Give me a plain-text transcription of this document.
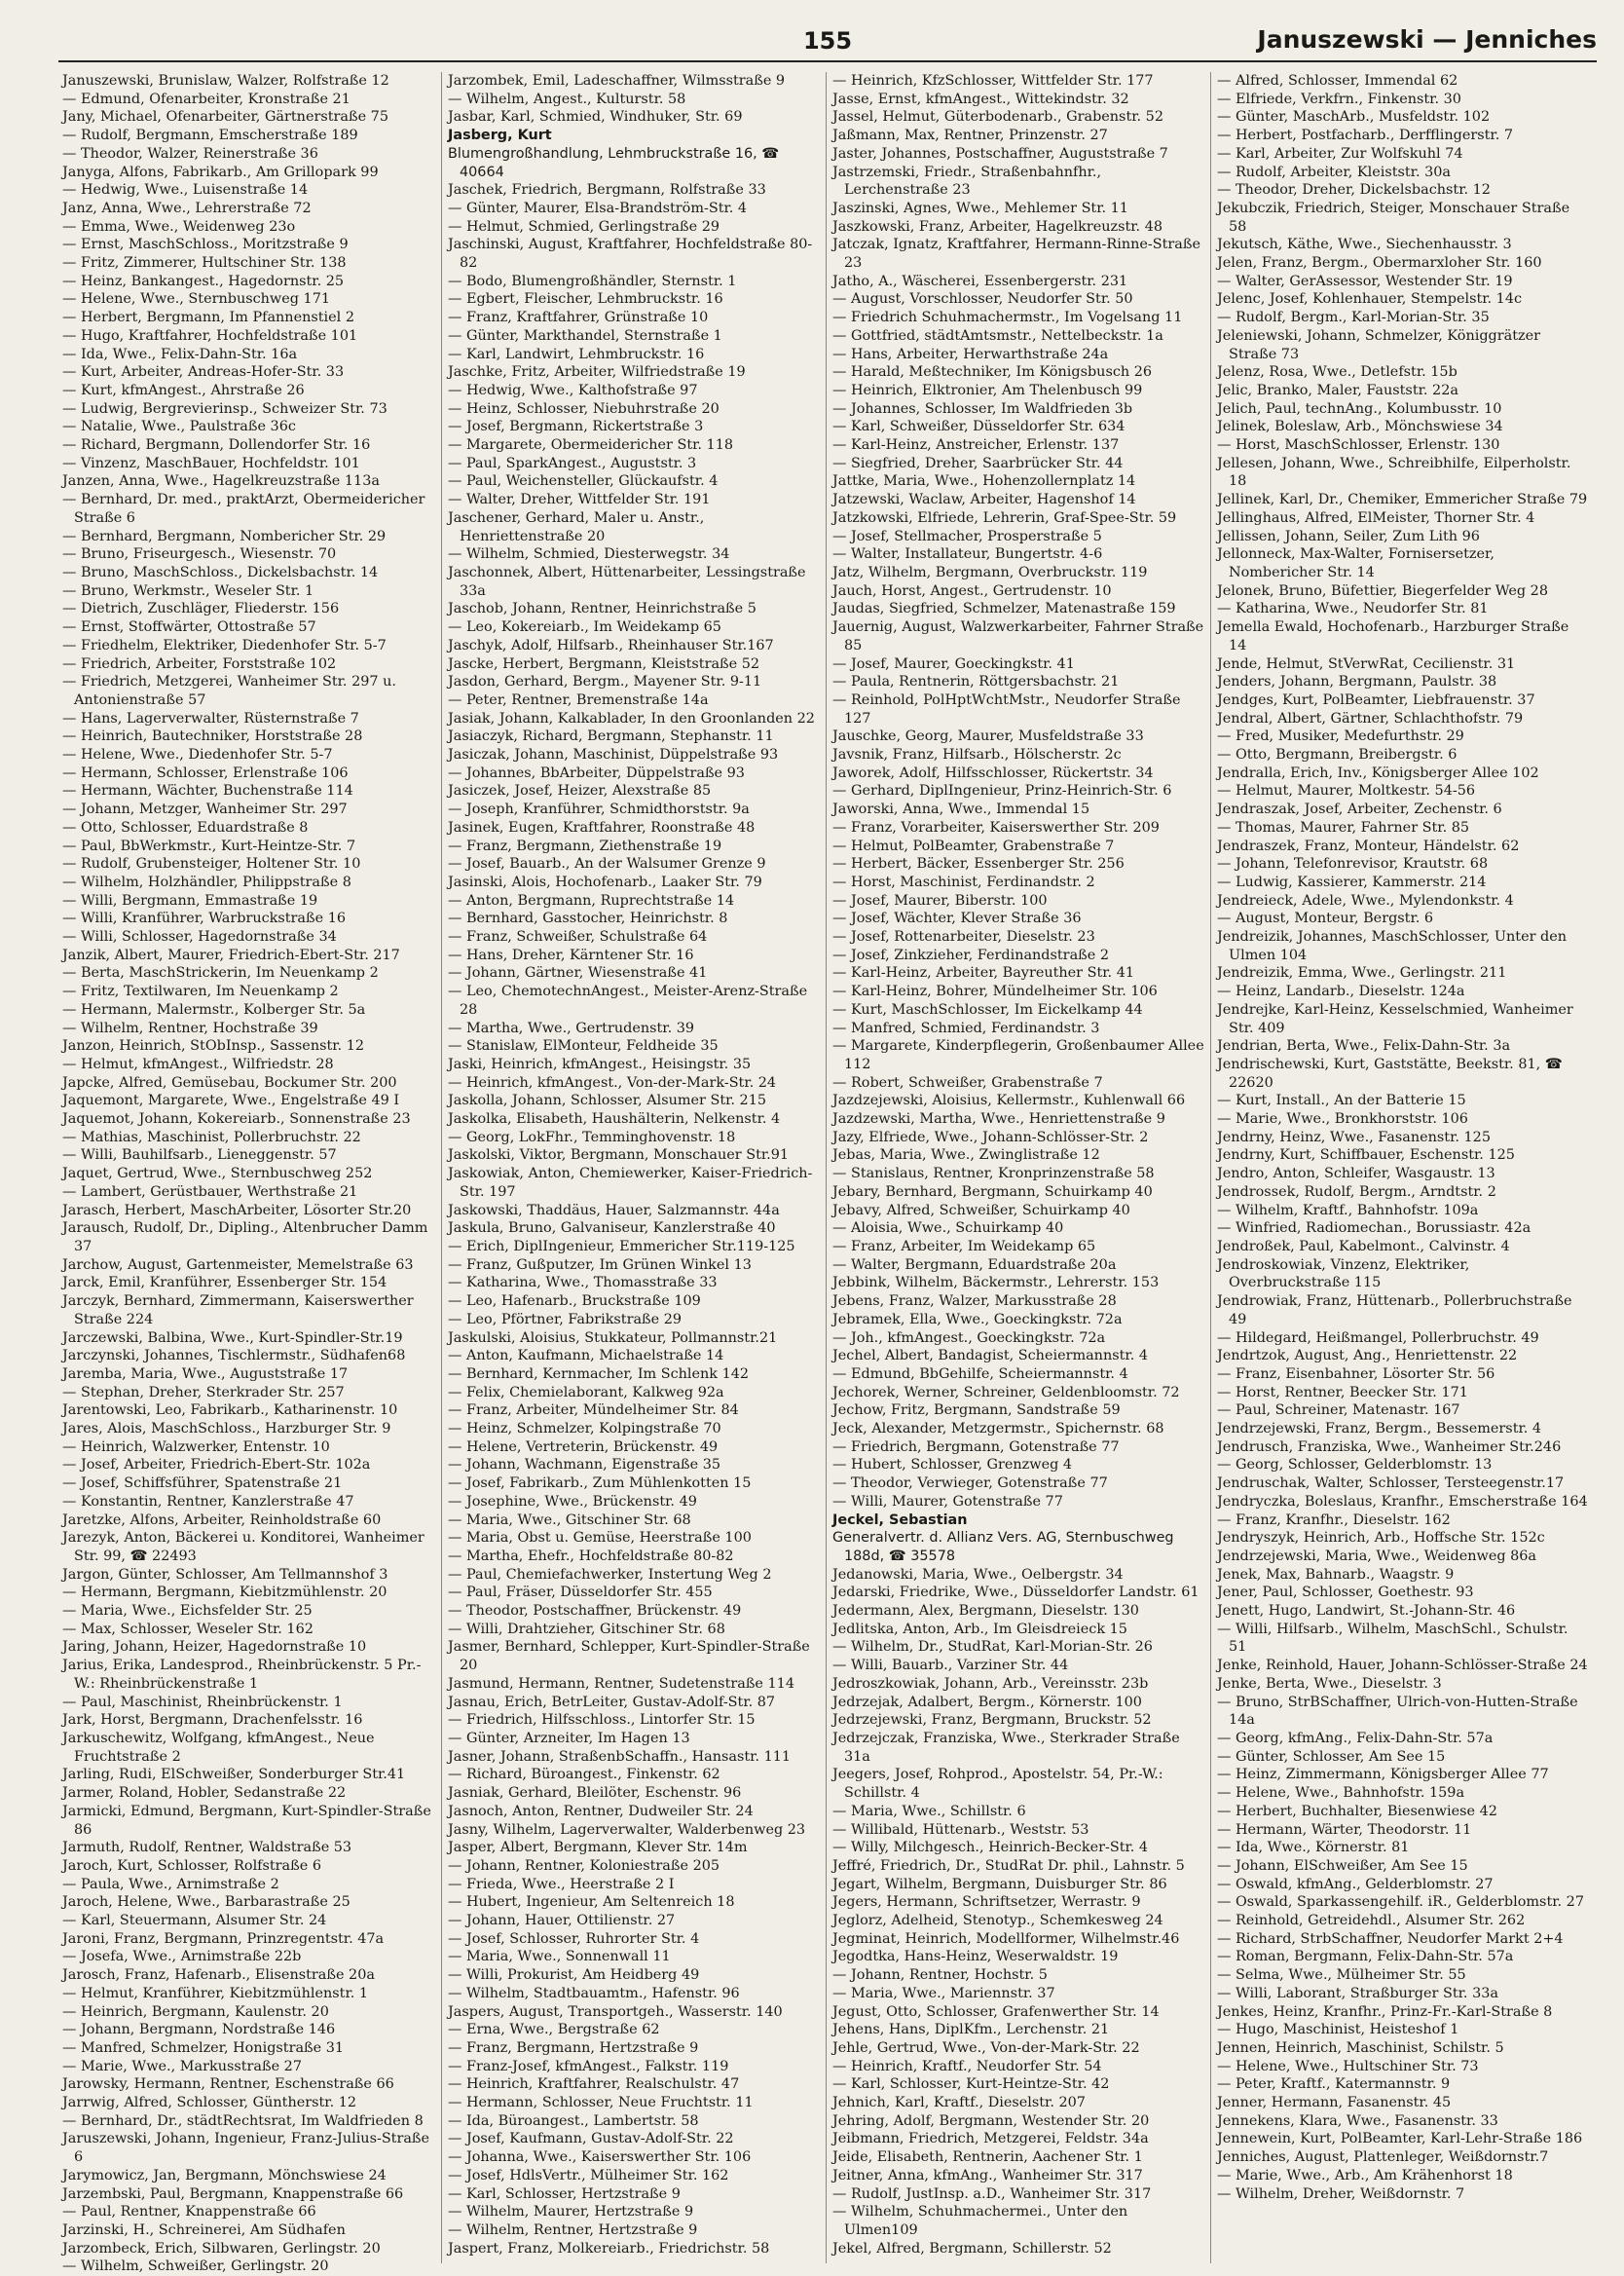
155	Januszewski — Jenniches
Januszewski, Brunislaw, Walzer, Rolfstraße 12
— Edmund, Ofenarbeiter, Kronstraße 21
Jany, Michael, Ofenarbeiter, Gärtnerstraße 75
— Rudolf, Bergmann, Emscherstraße 189
— Theodor, Walzer, Reinerstraße 36
Janyga, Alfons, Fabrikarb., Am Grillopark 99
— Hedwig, Wwe., Luisenstraße 14
Janz, Anna, Wwe., Lehrerstraße 72
— Emma, Wwe., Weidenweg 23o
— Ernst, MaschSchloss., Moritzstraße 9
— Fritz, Zimmerer, Hultschiner Str. 138
— Heinz, Bankangest., Hagedornstr. 25
— Helene, Wwe., Sternbuschweg 171
— Herbert, Bergmann, Im Pfannenstiel 2
— Hugo, Kraftfahrer, Hochfeldstraße 101
— Ida, Wwe., Felix-Dahn-Str. 16a
— Kurt, Arbeiter, Andreas-Hofer-Str. 33
— Kurt, kfmAngest., Ahrstraße 26
— Ludwig, Bergrevierinsp., Schweizer Str. 73
— Natalie, Wwe., Paulstraße 36c
— Richard, Bergmann, Dollendorfer Str. 16
— Vinzenz, MaschBauer, Hochfeldstr. 101
Janzen, Anna, Wwe., Hagelkreuzstraße 113a
— Bernhard, Dr. med., praktArzt, Obermeidericher Straße 6
— Bernhard, Bergmann, Nombericher Str. 29
— Bruno, Friseurgesch., Wiesenstr. 70
— Bruno, MaschSchloss., Dickelsbachstr. 14
— Bruno, Werkmstr., Weseler Str. 1
— Dietrich, Zuschläger, Fliederstr. 156
— Ernst, Stoffwärter, Ottostraße 57
— Friedhelm, Elektriker, Diedenhofer Str. 5-7
— Friedrich, Arbeiter, Forststraße 102
— Friedrich, Metzgerei, Wanheimer Str. 297 u. Antonienstraße 57
— Hans, Lagerverwalter, Rüsternstraße 7
— Heinrich, Bautechniker, Horststraße 28
— Helene, Wwe., Diedenhofer Str. 5-7
— Hermann, Schlosser, Erlenstraße 106
— Hermann, Wächter, Buchenstraße 114
— Johann, Metzger, Wanheimer Str. 297
— Otto, Schlosser, Eduardstraße 8
— Paul, BbWerkmstr., Kurt-Heintze-Str. 7
— Rudolf, Grubensteiger, Holtener Str. 10
— Wilhelm, Holzhändler, Philippstraße 8
— Willi, Bergmann, Emmastraße 19
— Willi, Kranführer, Warbruckstraße 16
— Willi, Schlosser, Hagedornstraße 34
Janzik, Albert, Maurer, Friedrich-Ebert-Str. 217
— Berta, MaschStrickerin, Im Neuenkamp 2
— Fritz, Textilwaren, Im Neuenkamp 2
— Hermann, Malermstr., Kolberger Str. 5a
— Wilhelm, Rentner, Hochstraße 39
Janzon, Heinrich, StObInsp., Sassenstr. 12
— Helmut, kfmAngest., Wilfriedstr. 28
Japcke, Alfred, Gemüsebau, Bockumer Str. 200
Jaquemont, Margarete, Wwe., Engelstraße 49 I
Jaquemot, Johann, Kokereiarb., Sonnenstraße 23
— Mathias, Maschinist, Pollerbruchstr. 22
— Willi, Bauhilfsarb., Lieneggenstr. 57
Jaquet, Gertrud, Wwe., Sternbuschweg 252
— Lambert, Gerüstbauer, Werthstraße 21
Jarasch, Herbert, MaschArbeiter, Lösorter Str.20
Jarausch, Rudolf, Dr., Dipling., Altenbrucher Damm 37
Jarchow, August, Gartenmeister, Memelstraße 63
Jarck, Emil, Kranführer, Essenberger Str. 154
Jarczyk, Bernhard, Zimmermann, Kaiserswerther Straße 224
Jarczewski, Balbina, Wwe., Kurt-Spindler-Str.19
Jarczynski, Johannes, Tischlermstr., Südhafen68
Jaremba, Maria, Wwe., Auguststraße 17
— Stephan, Dreher, Sterkrader Str. 257
Jarentowski, Leo, Fabrikarb., Katharinenstr. 10
Jares, Alois, MaschSchloss., Harzburger Str. 9
— Heinrich, Walzwerker, Entenstr. 10
— Josef, Arbeiter, Friedrich-Ebert-Str. 102a
— Josef, Schiffsführer, Spatenstraße 21
— Konstantin, Rentner, Kanzlerstraße 47
Jaretzke, Alfons, Arbeiter, Reinholdstraße 60
Jarezyk, Anton, Bäckerei u. Konditorei, Wanheimer Str. 99, ☎ 22493
Jargon, Günter, Schlosser, Am Tellmannshof 3
— Hermann, Bergmann, Kiebitzmühlenstr. 20
— Maria, Wwe., Eichsfelder Str. 25
— Max, Schlosser, Weseler Str. 162
Jaring, Johann, Heizer, Hagedornstraße 10
Jarius, Erika, Landesprod., Rheinbrückenstr. 5 Pr.-W.: Rheinbrückenstraße 1
— Paul, Maschinist, Rheinbrückenstr. 1
Jark, Horst, Bergmann, Drachenfelsstr. 16
Jarkuschewitz, Wolfgang, kfmAngest., Neue Fruchtstraße 2
Jarling, Rudi, ElSchweißer, Sonderburger Str.41
Jarmer, Roland, Hobler, Sedanstraße 22
Jarmicki, Edmund, Bergmann, Kurt-Spindler-Straße 86
Jarmuth, Rudolf, Rentner, Waldstraße 53
Jaroch, Kurt, Schlosser, Rolfstraße 6
— Paula, Wwe., Arnimstraße 2
Jaroch, Helene, Wwe., Barbarastraße 25
— Karl, Steuermann, Alsumer Str. 24
Jaroni, Franz, Bergmann, Prinzregentstr. 47a
— Josefa, Wwe., Arnimstraße 22b
Jarosch, Franz, Hafenarb., Elisenstraße 20a
— Helmut, Kranführer, Kiebitzmühlenstr. 1
— Heinrich, Bergmann, Kaulenstr. 20
— Johann, Bergmann, Nordstraße 146
— Manfred, Schmelzer, Honigstraße 31
— Marie, Wwe., Markusstraße 27
Jarowsky, Hermann, Rentner, Eschenstraße 66
Jarrwig, Alfred, Schlosser, Güntherstr. 12
— Bernhard, Dr., städtRechtsrat, Im Waldfrieden 8
Jaruszewski, Johann, Ingenieur, Franz-Julius-Straße 6
Jarymowicz, Jan, Bergmann, Mönchswiese 24
Jarzembski, Paul, Bergmann, Knappenstraße 66
— Paul, Rentner, Knappenstraße 66
Jarzinski, H., Schreinerei, Am Südhafen
Jarzombeck, Erich, Silbwaren, Gerlingstr. 20
— Wilhelm, Schweißer, Gerlingstr. 20
Jarzombek, Emil, Ladeschaffner, Wilmsstraße 9
— Wilhelm, Angest., Kulturstr. 58
Jasbar, Karl, Schmied, Windhuker, Str. 69
Jasberg, Kurt
Blumengroßhandlung, Lehmbruckstraße 16, ☎ 40664
Jaschek, Friedrich, Bergmann, Rolfstraße 33
— Günter, Maurer, Elsa-Brandström-Str. 4
— Helmut, Schmied, Gerlingstraße 29
Jaschinski, August, Kraftfahrer, Hochfeldstraße 80-82
— Bodo, Blumengroßhändler, Sternstr. 1
— Egbert, Fleischer, Lehmbruckstr. 16
— Franz, Kraftfahrer, Grünstraße 10
— Günter, Markthandel, Sternstraße 1
— Karl, Landwirt, Lehmbruckstr. 16
Jaschke, Fritz, Arbeiter, Wilfriedstraße 19
— Hedwig, Wwe., Kalthofstraße 97
— Heinz, Schlosser, Niebuhrstraße 20
— Josef, Bergmann, Rickertstraße 3
— Margarete, Obermeidericher Str. 118
— Paul, SparkAngest., Auguststr. 3
— Paul, Weichensteller, Glückaufstr. 4
— Walter, Dreher, Wittfelder Str. 191
Jaschener, Gerhard, Maler u. Anstr., Henriettenstraße 20
— Wilhelm, Schmied, Diesterwegstr. 34
Jaschonnek, Albert, Hüttenarbeiter, Lessingstraße 33a
Jaschob, Johann, Rentner, Heinrichstraße 5
— Leo, Kokereiarb., Im Weidekamp 65
Jaschyk, Adolf, Hilfsarb., Rheinhauser Str.167
Jascke, Herbert, Bergmann, Kleiststraße 52
Jasdon, Gerhard, Bergm., Mayener Str. 9-11
— Peter, Rentner, Bremenstraße 14a
Jasiak, Johann, Kalkablader, In den Groonlanden 22
Jasiaczyk, Richard, Bergmann, Stephanstr. 11
Jasiczak, Johann, Maschinist, Düppelstraße 93
— Johannes, BbArbeiter, Düppelstraße 93
Jasiczek, Josef, Heizer, Alexstraße 85
— Joseph, Kranführer, Schmidthorststr. 9a
Jasinek, Eugen, Kraftfahrer, Roonstraße 48
— Franz, Bergmann, Ziethenstraße 19
— Josef, Bauarb., An der Walsumer Grenze 9
Jasinski, Alois, Hochofenarb., Laaker Str. 79
— Anton, Bergmann, Ruprechtstraße 14
— Bernhard, Gasstocher, Heinrichstr. 8
— Franz, Schweißer, Schulstraße 64
— Hans, Dreher, Kärntener Str. 16
— Johann, Gärtner, Wiesenstraße 41
— Leo, ChemotechnAngest., Meister-Arenz-Straße 28
— Martha, Wwe., Gertrudenstr. 39
— Stanislaw, ElMonteur, Feldheide 35
Jaski, Heinrich, kfmAngest., Heisingstr. 35
— Heinrich, kfmAngest., Von-der-Mark-Str. 24
Jaskolla, Johann, Schlosser, Alsumer Str. 215
Jaskolka, Elisabeth, Haushälterin, Nelkenstr. 4
— Georg, LokFhr., Temminghovenstr. 18
Jaskolski, Viktor, Bergmann, Monschauer Str.91
Jaskowiak, Anton, Chemiewerker, Kaiser-Friedrich-Str. 197
Jaskowski, Thaddäus, Hauer, Salzmannstr. 44a
Jaskula, Bruno, Galvaniseur, Kanzlerstraße 40
— Erich, DiplIngenieur, Emmericher Str.119-125
— Franz, Gußputzer, Im Grünen Winkel 13
— Katharina, Wwe., Thomasstraße 33
— Leo, Hafenarb., Bruckstraße 109
— Leo, Pförtner, Fabrikstraße 29
Jaskulski, Aloisius, Stukkateur, Pollmannstr.21
— Anton, Kaufmann, Michaelstraße 14
— Bernhard, Kernmacher, Im Schlenk 142
— Felix, Chemielaborant, Kalkweg 92a
— Franz, Arbeiter, Mündelheimer Str. 84
— Heinz, Schmelzer, Kolpingstraße 70
— Helene, Vertreterin, Brückenstr. 49
— Johann, Wachmann, Eigenstraße 35
— Josef, Fabrikarb., Zum Mühlenkotten 15
— Josephine, Wwe., Brückenstr. 49
— Maria, Wwe., Gitschiner Str. 68
— Maria, Obst u. Gemüse, Heerstraße 100
— Martha, Ehefr., Hochfeldstraße 80-82
— Paul, Chemiefachwerker, Instertung Weg 2
— Paul, Fräser, Düsseldorfer Str. 455
— Theodor, Postschaffner, Brückenstr. 49
— Willi, Drahtzieher, Gitschiner Str. 68
Jasmer, Bernhard, Schlepper, Kurt-Spindler-Straße 20
Jasmund, Hermann, Rentner, Sudetenstraße 114
Jasnau, Erich, BetrLeiter, Gustav-Adolf-Str. 87
— Friedrich, Hilfsschloss., Lintorfer Str. 15
— Günter, Arzneiter, Im Hagen 13
Jasner, Johann, StraßenbSchaffn., Hansastr. 111
— Richard, Büroangest., Finkenstr. 62
Jasniak, Gerhard, Bleilöter, Eschenstr. 96
Jasnoch, Anton, Rentner, Dudweiler Str. 24
Jasny, Wilhelm, Lagerverwalter, Walderbenweg 23
Jasper, Albert, Bergmann, Klever Str. 14m
— Johann, Rentner, Koloniestraße 205
— Frieda, Wwe., Heerstraße 2 I
— Hubert, Ingenieur, Am Seltenreich 18
— Johann, Hauer, Ottilienstr. 27
— Josef, Schlosser, Ruhrorter Str. 4
— Maria, Wwe., Sonnenwall 11
— Willi, Prokurist, Am Heidberg 49
— Wilhelm, Stadtbauamtm., Hafenstr. 96
Jaspers, August, Transportgeh., Wasserstr. 140
— Erna, Wwe., Bergstraße 62
— Franz, Bergmann, Hertzstraße 9
— Franz-Josef, kfmAngest., Falkstr. 119
— Heinrich, Kraftfahrer, Realschulstr. 47
— Hermann, Schlosser, Neue Fruchtstr. 11
— Ida, Büroangest., Lambertstr. 58
— Josef, Kaufmann, Gustav-Adolf-Str. 22
— Johanna, Wwe., Kaiserswerther Str. 106
— Josef, HdlsVertr., Mülheimer Str. 162
— Karl, Schlosser, Hertzstraße 9
— Wilhelm, Maurer, Hertzstraße 9
— Wilhelm, Rentner, Hertzstraße 9
Jaspert, Franz, Molkereiarb., Friedrichstr. 58
— Heinrich, KfzSchlosser, Wittfelder Str. 177
Jasse, Ernst, kfmAngest., Wittekindstr. 32
Jassel, Helmut, Güterbodenarb., Grabenstr. 52
Jaßmann, Max, Rentner, Prinzenstr. 27
Jaster, Johannes, Postschaffner, Auguststraße 7
Jastrzemski, Friedr., Straßenbahnfhr., Lerchenstraße 23
Jaszinski, Agnes, Wwe., Mehlemer Str. 11
Jaszkowski, Franz, Arbeiter, Hagelkreuzstr. 48
Jatczak, Ignatz, Kraftfahrer, Hermann-Rinne-Straße 23
Jatho, A., Wäscherei, Essenbergerstr. 231
— August, Vorschlosser, Neudorfer Str. 50
— Friedrich Schuhmachermstr., Im Vogelsang 11
— Gottfried, städtAmtsmstr., Nettelbeckstr. 1a
— Hans, Arbeiter, Herwarthstraße 24a
— Harald, Meßtechniker, Im Königsbusch 26
— Heinrich, Elktronier, Am Thelenbusch 99
— Johannes, Schlosser, Im Waldfrieden 3b
— Karl, Schweißer, Düsseldorfer Str. 634
— Karl-Heinz, Anstreicher, Erlenstr. 137
— Siegfried, Dreher, Saarbrücker Str. 44
Jattke, Maria, Wwe., Hohenzollernplatz 14
Jatzewski, Waclaw, Arbeiter, Hagenshof 14
Jatzkowski, Elfriede, Lehrerin, Graf-Spee-Str. 59
— Josef, Stellmacher, Prosperstraße 5
— Walter, Installateur, Bungertstr. 4-6
Jatz, Wilhelm, Bergmann, Overbruckstr. 119
Jauch, Horst, Angest., Gertrudenstr. 10
Jaudas, Siegfried, Schmelzer, Matenastraße 159
Jauernig, August, Walzwerkarbeiter, Fahrner Straße 85
— Josef, Maurer, Goeckingkstr. 41
— Paula, Rentnerin, Röttgersbachstr. 21
— Reinhold, PolHptWchtMstr., Neudorfer Straße 127
Jauschke, Georg, Maurer, Musfeldstraße 33
Javsnik, Franz, Hilfsarb., Hölscherstr. 2c
Jaworek, Adolf, Hilfsschlosser, Rückertstr. 34
— Gerhard, DiplIngenieur, Prinz-Heinrich-Str. 6
Jaworski, Anna, Wwe., Immendal 15
— Franz, Vorarbeiter, Kaiserswerther Str. 209
— Helmut, PolBeamter, Grabenstraße 7
— Herbert, Bäcker, Essenberger Str. 256
— Horst, Maschinist, Ferdinandstr. 2
— Josef, Maurer, Biberstr. 100
— Josef, Wächter, Klever Straße 36
— Josef, Rottenarbeiter, Dieselstr. 23
— Josef, Zinkzieher, Ferdinandstraße 2
— Karl-Heinz, Arbeiter, Bayreuther Str. 41
— Karl-Heinz, Bohrer, Mündelheimer Str. 106
— Kurt, MaschSchlosser, Im Eickelkamp 44
— Manfred, Schmied, Ferdinandstr. 3
— Margarete, Kinderpflegerin, Großenbaumer Allee 112
— Robert, Schweißer, Grabenstraße 7
Jazdzejewski, Aloisius, Kellermstr., Kuhlenwall 66
Jazdzewski, Martha, Wwe., Henriettenstraße 9
Jazy, Elfriede, Wwe., Johann-Schlösser-Str. 2
Jebas, Maria, Wwe., Zwinglistraße 12
— Stanislaus, Rentner, Kronprinzenstraße 58
Jebary, Bernhard, Bergmann, Schuirkamp 40
Jebavy, Alfred, Schweißer, Schuirkamp 40
— Aloisia, Wwe., Schuirkamp 40
— Franz, Arbeiter, Im Weidekamp 65
— Walter, Bergmann, Eduardstraße 20a
Jebbink, Wilhelm, Bäckermstr., Lehrerstr. 153
Jebens, Franz, Walzer, Markusstraße 28
Jebramek, Ella, Wwe., Goeckingkstr. 72a
— Joh., kfmAngest., Goeckingkstr. 72a
Jechel, Albert, Bandagist, Scheiermannstr. 4
— Edmund, BbGehilfe, Scheiermannstr. 4
Jechorek, Werner, Schreiner, Geldenbloomstr. 72
Jechow, Fritz, Bergmann, Sandstraße 59
Jeck, Alexander, Metzgermstr., Spichernstr. 68
— Friedrich, Bergmann, Gotenstraße 77
— Hubert, Schlosser, Grenzweg 4
— Theodor, Verwieger, Gotenstraße 77
— Willi, Maurer, Gotenstraße 77
Jeckel, Sebastian
Generalvertr. d. Allianz Vers. AG, Sternbuschweg 188d, ☎ 35578
Jedanowski, Maria, Wwe., Oelbergstr. 34
Jedarski, Friedrike, Wwe., Düsseldorfer Landstr. 61
Jedermann, Alex, Bergmann, Dieselstr. 130
Jedlitska, Anton, Arb., Im Gleisdreieck 15
— Wilhelm, Dr., StudRat, Karl-Morian-Str. 26
— Willi, Bauarb., Varziner Str. 44
Jedroszkowiak, Johann, Arb., Vereinsstr. 23b
Jedrzejak, Adalbert, Bergm., Körnerstr. 100
Jedrzejewski, Franz, Bergmann, Bruckstr. 52
Jedrzejczak, Franziska, Wwe., Sterkrader Straße 31a
Jeegers, Josef, Rohprod., Apostelstr. 54, Pr.-W.: Schillstr. 4
— Maria, Wwe., Schillstr. 6
— Willibald, Hüttenarb., Weststr. 53
— Willy, Milchgesch., Heinrich-Becker-Str. 4
Jeffré, Friedrich, Dr., StudRat Dr. phil., Lahnstr. 5
Jegart, Wilhelm, Bergmann, Duisburger Str. 86
Jegers, Hermann, Schriftsetzer, Werrastr. 9
Jeglorz, Adelheid, Stenotyp., Schemkesweg 24
Jegminat, Heinrich, Modellformer, Wilhelmstr.46
Jegodtka, Hans-Heinz, Weserwaldstr. 19
— Johann, Rentner, Hochstr. 5
— Maria, Wwe., Mariennstr. 37
Jegust, Otto, Schlosser, Grafenwerther Str. 14
Jehens, Hans, DiplKfm., Lerchenstr. 21
Jehle, Gertrud, Wwe., Von-der-Mark-Str. 22
— Heinrich, Kraftf., Neudorfer Str. 54
— Karl, Schlosser, Kurt-Heintze-Str. 42
Jehnich, Karl, Kraftf., Dieselstr. 207
Jehring, Adolf, Bergmann, Westender Str. 20
Jeibmann, Friedrich, Metzgerei, Feldstr. 34a
Jeide, Elisabeth, Rentnerin, Aachener Str. 1
Jeitner, Anna, kfmAng., Wanheimer Str. 317
— Rudolf, JustInsp. a.D., Wanheimer Str. 317
— Wilhelm, Schuhmachermei., Unter den Ulmen109
Jekel, Alfred, Bergmann, Schillerstr. 52
— Alfred, Schlosser, Immendal 62
— Elfriede, Verkfrn., Finkenstr. 30
— Günter, MaschArb., Musfeldstr. 102
— Herbert, Postfacharb., Derfflingerstr. 7
— Karl, Arbeiter, Zur Wolfskuhl 74
— Rudolf, Arbeiter, Kleiststr. 30a
— Theodor, Dreher, Dickelsbachstr. 12
Jekubczik, Friedrich, Steiger, Monschauer Straße 58
Jekutsch, Käthe, Wwe., Siechenhausstr. 3
Jelen, Franz, Bergm., Obermarxloher Str. 160
— Walter, GerAssessor, Westender Str. 19
Jelenc, Josef, Kohlenhauer, Stempelstr. 14c
— Rudolf, Bergm., Karl-Morian-Str. 35
Jeleniewski, Johann, Schmelzer, Königgrätzer Straße 73
Jelenz, Rosa, Wwe., Detlefstr. 15b
Jelic, Branko, Maler, Fauststr. 22a
Jelich, Paul, technAng., Kolumbusstr. 10
Jelinek, Boleslaw, Arb., Mönchswiese 34
— Horst, MaschSchlosser, Erlenstr. 130
Jellesen, Johann, Wwe., Schreibhilfe, Eilperholstr. 18
Jellinek, Karl, Dr., Chemiker, Emmericher Straße 79
Jellinghaus, Alfred, ElMeister, Thorner Str. 4
Jellissen, Johann, Seiler, Zum Lith 96
Jellonneck, Max-Walter, Fornisersetzer, Nombericher Str. 14
Jelonek, Bruno, Büfettier, Biegerfelder Weg 28
— Katharina, Wwe., Neudorfer Str. 81
Jemella Ewald, Hochofenarb., Harzburger Straße 14
Jende, Helmut, StVerwRat, Cecilienstr. 31
Jenders, Johann, Bergmann, Paulstr. 38
Jendges, Kurt, PolBeamter, Liebfrauenstr. 37
Jendral, Albert, Gärtner, Schlachthofstr. 79
— Fred, Musiker, Medefurthstr. 29
— Otto, Bergmann, Breibergstr. 6
Jendralla, Erich, Inv., Königsberger Allee 102
— Helmut, Maurer, Moltkestr. 54-56
Jendraszak, Josef, Arbeiter, Zechenstr. 6
— Thomas, Maurer, Fahrner Str. 85
Jendraszek, Franz, Monteur, Händelstr. 62
— Johann, Telefonrevisor, Krautstr. 68
— Ludwig, Kassierer, Kammerstr. 214
Jendreieck, Adele, Wwe., Mylendonkstr. 4
— August, Monteur, Bergstr. 6
Jendreizik, Johannes, MaschSchlosser, Unter den Ulmen 104
Jendreizik, Emma, Wwe., Gerlingstr. 211
— Heinz, Landarb., Dieselstr. 124a
Jendrejke, Karl-Heinz, Kesselschmied, Wanheimer Str. 409
Jendrian, Berta, Wwe., Felix-Dahn-Str. 3a
Jendrischewski, Kurt, Gaststätte, Beekstr. 81, ☎ 22620
— Kurt, Install., An der Batterie 15
— Marie, Wwe., Bronkhorststr. 106
Jendrny, Heinz, Wwe., Fasanenstr. 125
Jendrny, Kurt, Schiffbauer, Eschenstr. 125
Jendro, Anton, Schleifer, Wasgaustr. 13
Jendrossek, Rudolf, Bergm., Arndtstr. 2
— Wilhelm, Kraftf., Bahnhofstr. 109a
— Winfried, Radiomechan., Borussiastr. 42a
Jendroßek, Paul, Kabelmont., Calvinstr. 4
Jendroskowiak, Vinzenz, Elektriker, Overbruckstraße 115
Jendrowiak, Franz, Hüttenarb., Pollerbruchstraße 49
— Hildegard, Heißmangel, Pollerbruchstr. 49
Jendrtzok, August, Ang., Henriettenstr. 22
— Franz, Eisenbahner, Lösorter Str. 56
— Horst, Rentner, Beecker Str. 171
— Paul, Schreiner, Matenastr. 167
Jendrzejewski, Franz, Bergm., Bessemerstr. 4
Jendrusch, Franziska, Wwe., Wanheimer Str.246
— Georg, Schlosser, Gelderblomstr. 13
Jendruschak, Walter, Schlosser, Tersteegenstr.17
Jendryczka, Boleslaus, Kranfhr., Emscherstraße 164
— Franz, Kranfhr., Dieselstr. 162
Jendryszyk, Heinrich, Arb., Hoffsche Str. 152c
Jendrzejewski, Maria, Wwe., Weidenweg 86a
Jenek, Max, Bahnarb., Waagstr. 9
Jener, Paul, Schlosser, Goethestr. 93
Jenett, Hugo, Landwirt, St.-Johann-Str. 46
— Willi, Hilfsarb., Wilhelm, MaschSchl., Schulstr. 51
Jenke, Reinhold, Hauer, Johann-Schlösser-Straße 24
Jenke, Berta, Wwe., Dieselstr. 3
— Bruno, StrBSchaffner, Ulrich-von-Hutten-Straße 14a
— Georg, kfmAng., Felix-Dahn-Str. 57a
— Günter, Schlosser, Am See 15
— Heinz, Zimmermann, Königsberger Allee 77
— Helene, Wwe., Bahnhofstr. 159a
— Herbert, Buchhalter, Biesenwiese 42
— Hermann, Wärter, Theodorstr. 11
— Ida, Wwe., Körnerstr. 81
— Johann, ElSchweißer, Am See 15
— Oswald, kfmAng., Gelderblomstr. 27
— Oswald, Sparkassengehilf. iR., Gelderblomstr. 27
— Reinhold, Getreidehdl., Alsumer Str. 262
— Richard, StrbSchaffner, Neudorfer Markt 2+4
— Roman, Bergmann, Felix-Dahn-Str. 57a
— Selma, Wwe., Mülheimer Str. 55
— Willi, Laborant, Straßburger Str. 33a
Jenkes, Heinz, Kranfhr., Prinz-Fr.-Karl-Straße 8
— Hugo, Maschinist, Heisteshof 1
Jennen, Heinrich, Maschinist, Schilstr. 5
— Helene, Wwe., Hultschiner Str. 73
— Peter, Kraftf., Katermannstr. 9
Jenner, Hermann, Fasanenstr. 45
Jennekens, Klara, Wwe., Fasanenstr. 33
Jennewein, Kurt, PolBeamter, Karl-Lehr-Straße 186
Jenniches, August, Plattenleger, Weißdornstr.7
— Marie, Wwe., Arb., Am Krähenhorst 18
— Wilhelm, Dreher, Weißdornstr. 7
